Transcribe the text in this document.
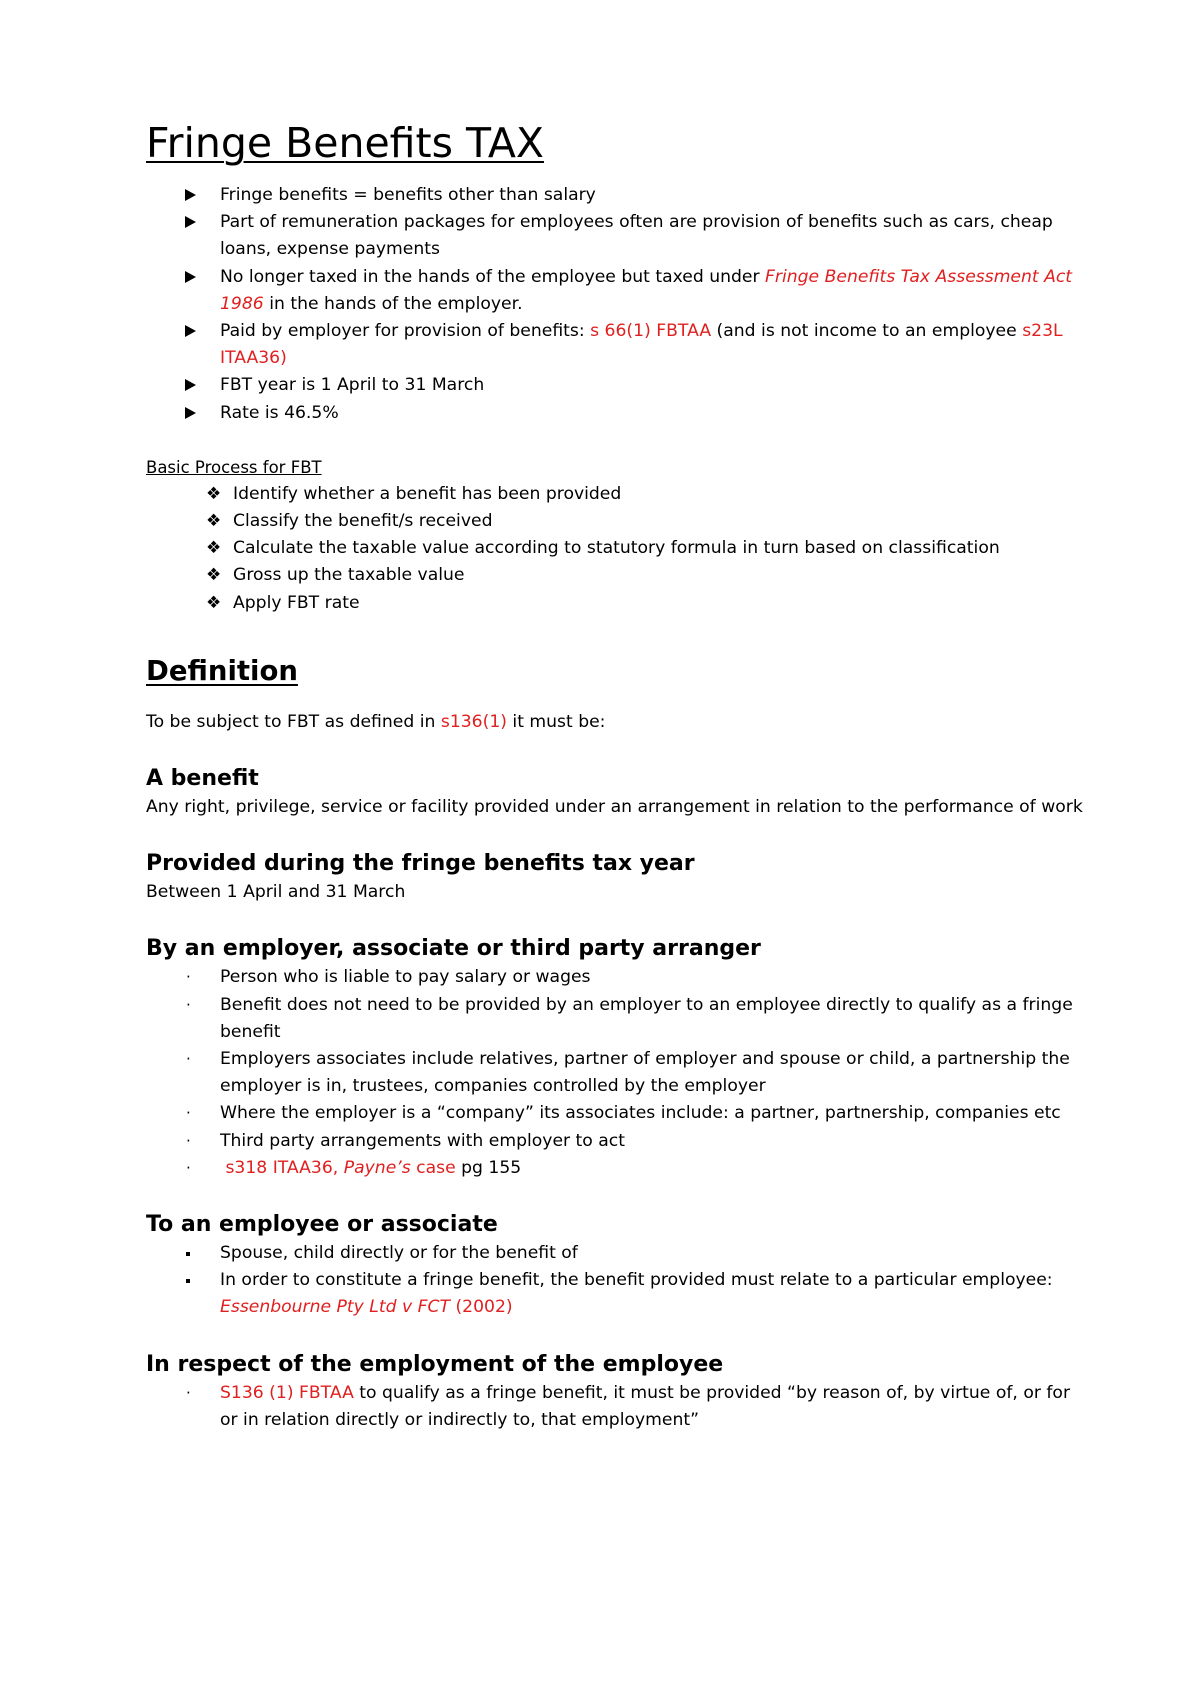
Fringe Benefits TAX
Fringe benefits = benefits other than salary
Part of remuneration packages for employees often are provision of benefits such as cars, cheap loans, expense payments
No longer taxed in the hands of the employee but taxed under Fringe Benefits Tax Assessment Act 1986 in the hands of the employer.
Paid by employer for provision of benefits: s 66(1) FBTAA (and is not income to an employee s23L ITAA36)
FBT year is 1 April to 31 March
Rate is 46.5%
Basic Process for FBT
❖ Identify whether a benefit has been provided
❖ Classify the benefit/s received
❖ Calculate the taxable value according to statutory formula in turn based on classification
❖ Gross up the taxable value
❖ Apply FBT rate
Definition

To be subject to FBT as defined in s136(1) it must be:

A benefit

Any right, privilege, service or facility provided under an arrangement in relation to the performance of work

Provided during the fringe benefits tax year

Between 1 April and 31 March

By an employer, associate or third party arranger
· Person who is liable to pay salary or wages
· Benefit does not need to be provided by an employer to an employee directly to qualify as a fringe benefit
· Employers associates include relatives, partner of employer and spouse or child, a partnership the employer is in, trustees, companies controlled by the employer
· Where the employer is a “company” its associates include: a partner, partnership, companies etc
· Third party arrangements with employer to act
· s318 ITAA36, Payne’s case pg 155
To an employee or associate
Spouse, child directly or for the benefit of
In order to constitute a fringe benefit, the benefit provided must relate to a particular employee: Essenbourne Pty Ltd v FCT (2002)
In respect of the employment of the employee
· S136 (1) FBTAA to qualify as a fringe benefit, it must be provided “by reason of, by virtue of, or for or in relation directly or indirectly to, that employment”
